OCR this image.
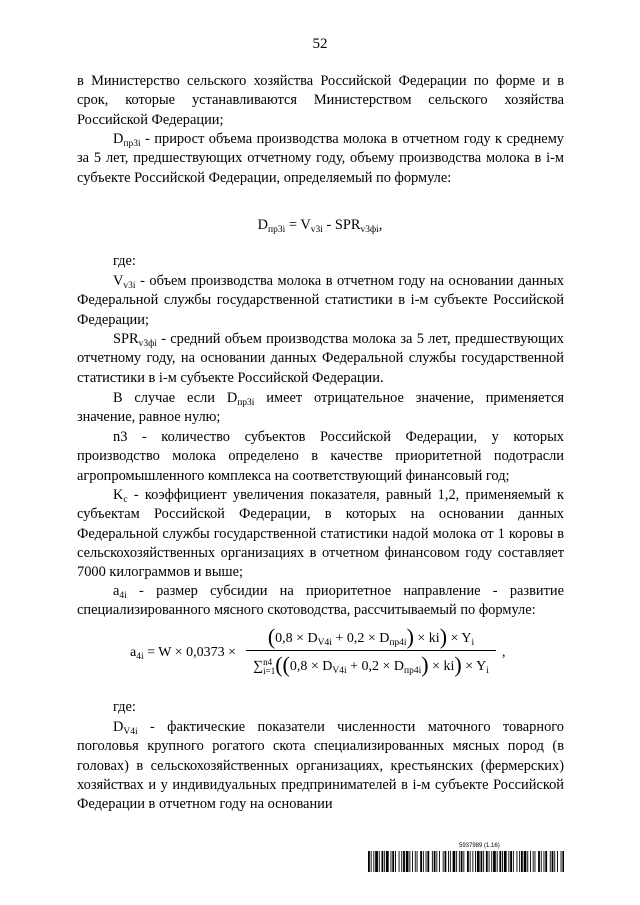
52
в Министерство сельского хозяйства Российской Федерации по форме и в срок, которые устанавливаются Министерством сельского хозяйства Российской Федерации;
$D_{пр3i}$ - прирост объема производства молока в отчетном году к среднему за 5 лет, предшествующих отчетному году, объему производства молока в i-м субъекте Российской Федерации, определяемый по формуле:
$D_{пр3i} = V_{v3i} - SPR_{v3фi}$,
где:
$V_{v3i}$ - объем производства молока в отчетном году на основании данных Федеральной службы государственной статистики в i-м субъекте Российской Федерации;
$SPR_{v3фi}$ - средний объем производства молока за 5 лет, предшествующих отчетному году, на основании данных Федеральной службы государственной статистики в i-м субъекте Российской Федерации.
В случае если $D_{пр3i}$ имеет отрицательное значение, применяется значение, равное нулю;
n3 - количество субъектов Российской Федерации, у которых производство молока определено в качестве приоритетной подотрасли агропромышленного комплекса на соответствующий финансовый год;
$K_c$ - коэффициент увеличения показателя, равный 1,2, применяемый к субъектам Российской Федерации, в которых на основании данных Федеральной службы государственной статистики надой молока от 1 коровы в сельскохозяйственных организациях в отчетном финансовом году составляет 7000 килограммов и выше;
$a_{4i}$ - размер субсидии на приоритетное направление - развитие специализированного мясного скотоводства, рассчитываемый по формуле:
$a_{4i} = W \times 0,0373$ ×
$(0,8 \times D_{V4i} + 0,2 \times D_{пр4i}) \times ki) \times Y_i$
∑ n4
i=1 $((0,8 \times D_{V4i} + 0,2 \times D_{пр4i}) \times ki) \times Y_i$
,
где:
$D_{V4i}$ - фактические показатели численности маточного товарного поголовья крупного рогатого скота специализированных мясных пород (в головах) в сельскохозяйственных организациях, крестьянских (фермерских) хозяйствах и у индивидуальных предпринимателей в i-м субъекте Российской Федерации в отчетном году на основании
5937989 (1.16)
